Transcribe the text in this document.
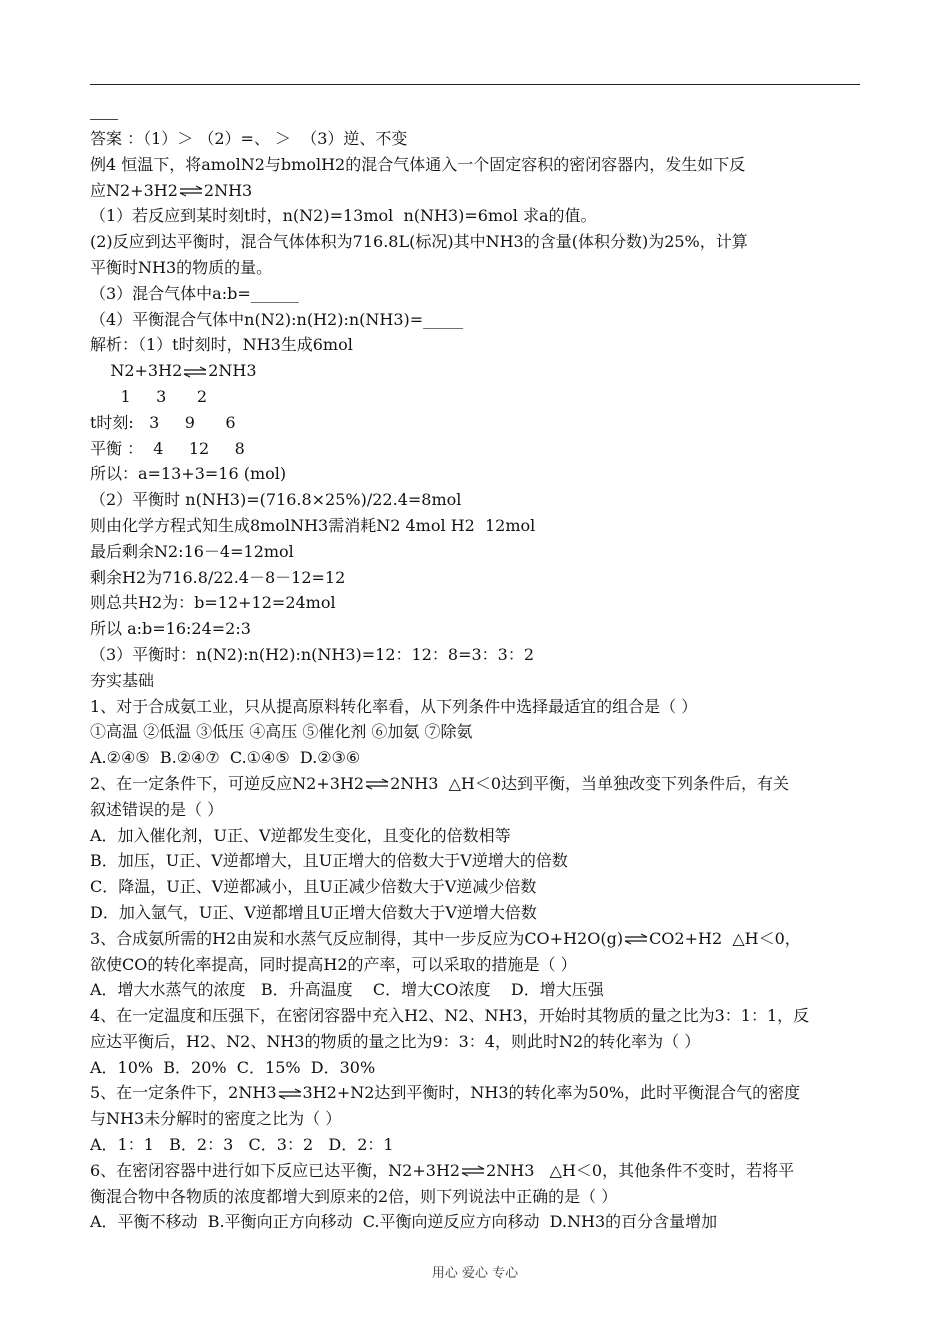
答案 ：（1）＞ （2）=、 ＞  （3）逆、不变
例4 恒温下，将amolN2与bmolH2的混合气体通入一个固定容积的密闭容器内，发生如下反
应N2+3H2⇌2NH3
（1）若反应到某时刻t时，n(N2)=13mol  n(NH3)=6mol 求a的值。
(2)反应到达平衡时，混合气体体积为716.8L(标况)其中NH3的含量(体积分数)为25%，计算
平衡时NH3的物质的量。
（3）混合气体中a:b=______
（4）平衡混合气体中n(N2):n(H2):n(NH3)=_____
解析：（1）t时刻时，NH3生成6mol
N2+3H2⇌2NH3
1     3      2
t时刻:   3     9      6
平衡 ：  4     12     8
所以：a=13+3=16 (mol)
（2）平衡时 n(NH3)=(716.8×25%)/22.4=8mol
则由化学方程式知生成8molNH3需消耗N2 4mol H2  12mol
最后剩余N2:16－4=12mol
剩余H2为716.8/22.4－8－12=12
则总共H2为：b=12+12=24mol
所以 a:b=16:24=2:3
（3）平衡时：n(N2):n(H2):n(NH3)=12：12：8=3：3：2
夯实基础
1、对于合成氨工业，只从提高原料转化率看，从下列条件中选择最适宜的组合是（ ）
①高温 ②低温 ③低压 ④高压 ⑤催化剂 ⑥加氨 ⑦除氨
A.②④⑤  B.②④⑦  C.①④⑤  D.②③⑥
2、在一定条件下，可逆反应N2+3H2⇌2NH3  △H＜0达到平衡，当单独改变下列条件后，有关
叙述错误的是（ ）
A．加入催化剂，U正、V逆都发生变化，且变化的倍数相等
B．加压，U正、V逆都增大，且U正增大的倍数大于V逆增大的倍数
C．降温，U正、V逆都减小，且U正减少倍数大于V逆减少倍数
D．加入氩气，U正、V逆都增且U正增大倍数大于V逆增大倍数
3、合成氨所需的H2由炭和水蒸气反应制得，其中一步反应为CO+H2O(g)⇌CO2+H2  △H＜0，
欲使CO的转化率提高，同时提高H2的产率，可以采取的措施是（ ）
A．增大水蒸气的浓度   B．升高温度    C．增大CO浓度    D．增大压强
4、在一定温度和压强下，在密闭容器中充入H2、N2、NH3，开始时其物质的量之比为3：1：1，反
应达平衡后，H2、N2、NH3的物质的量之比为9：3：4，则此时N2的转化率为（ ）
A．10%  B．20%  C．15%  D．30%
5、在一定条件下，2NH3⇌3H2+N2达到平衡时，NH3的转化率为50%，此时平衡混合气的密度
与NH3未分解时的密度之比为（ ）
A．1：1   B．2：3   C．3：2   D．2：1
6、在密闭容器中进行如下反应已达平衡，N2+3H2⇌2NH3   △H＜0，其他条件不变时，若将平
衡混合物中各物质的浓度都增大到原来的2倍，则下列说法中正确的是（ ）
A．平衡不移动  B.平衡向正方向移动  C.平衡向逆反应方向移动  D.NH3的百分含量增加
用心 爱心 专心
